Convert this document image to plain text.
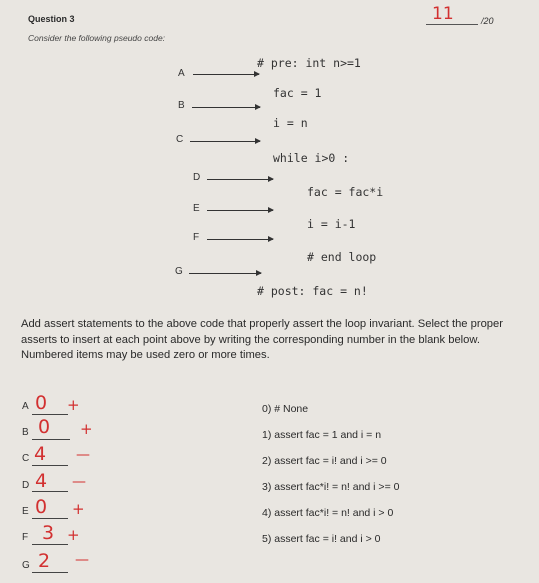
Question 3
Consider the following pseudo code:
11	/20
# pre: int n>=1
fac = 1
i = n
while i>0 :
fac = fac*i
i = i-1
# end loop
# post: fac = n!
A
B
C
D
E
F
G
Add assert statements to the above code that properly assert the loop invariant. Select the proper asserts to insert at each point above by writing the corresponding number in the blank below. Numbered items may be used zero or more times.
A 0 +
B 0 +
C 4 —
D 4 —
E 0 +
F 3 +
G 2 —
0) # None
1) assert fac = 1 and i = n
2) assert fac = i! and i >= 0
3) assert fac*i! = n! and i >= 0
4) assert fac*i! = n! and i > 0
5) assert fac = i! and i > 0
